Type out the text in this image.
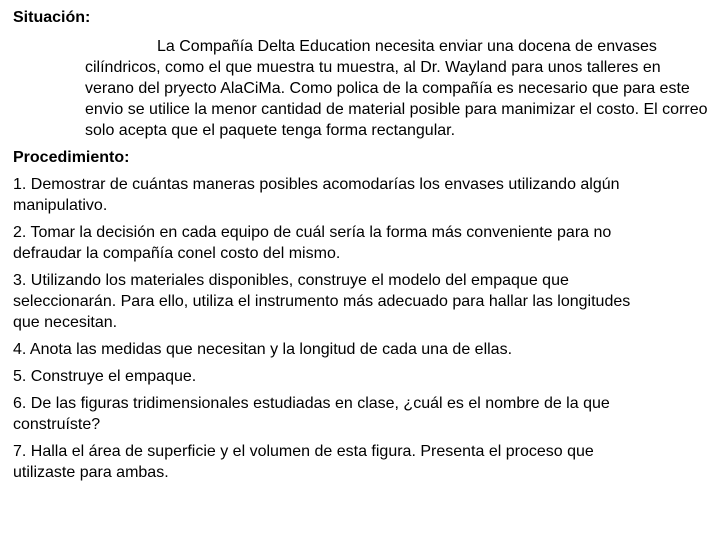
Situación:

La Compañía Delta Education necesita enviar una docena de envases
cilíndricos, como el que muestra tu muestra, al Dr. Wayland para unos talleres en
verano del pryecto AlaCiMa. Como polica de la compañía es necesario que para este
envio se utilice la menor cantidad de material posible para manimizar el costo. El correo
solo acepta que el paquete tenga forma rectangular.

Procedimiento:

1. Demostrar de cuántas maneras posibles acomodarías los envases utilizando algún
manipulativo.

2. Tomar la decisión en cada equipo de cuál sería la forma más conveniente para no
defraudar la compañía conel costo del mismo.

3. Utilizando los materiales disponibles, construye el modelo del empaque que
seleccionarán. Para ello, utiliza el instrumento más adecuado para hallar las longitudes
que necesitan.

4. Anota las medidas que necesitan y la longitud de cada una de ellas.

5. Construye el empaque.

6. De las figuras tridimensionales estudiadas en clase, ¿cuál es el nombre de la que
construíste?

7. Halla el área de superficie y el volumen de esta figura. Presenta el proceso que
utilizaste para ambas.
